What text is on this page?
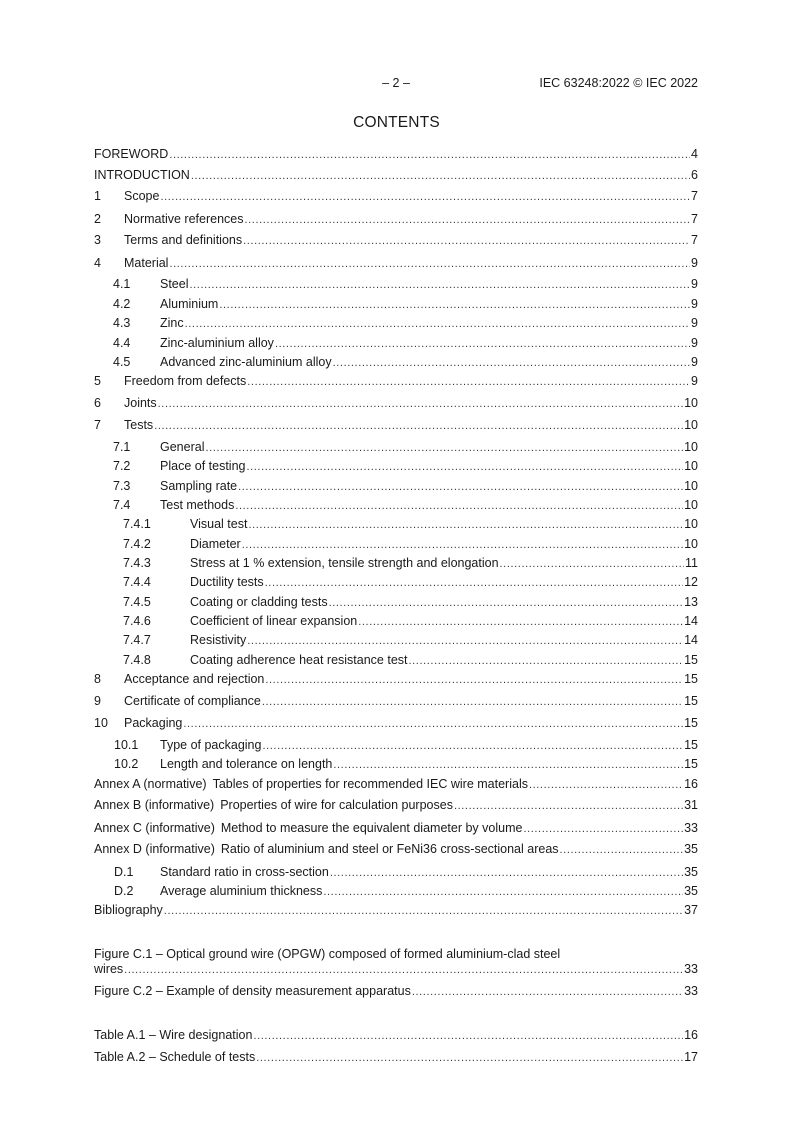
– 2 –	IEC 63248:2022 © IEC 2022
CONTENTS
FOREWORD .....	4
INTRODUCTION .....	6
1	Scope .....	7
2	Normative references .....	7
3	Terms and definitions .....	7
4	Material .....	9
4.1	Steel .....	9
4.2	Aluminium .....	9
4.3	Zinc .....	9
4.4	Zinc-aluminium alloy .....	9
4.5	Advanced zinc-aluminium alloy .....	9
5	Freedom from defects .....	9
6	Joints .....	10
7	Tests .....	10
7.1	General .....	10
7.2	Place of testing .....	10
7.3	Sampling rate .....	10
7.4	Test methods .....	10
7.4.1	Visual test .....	10
7.4.2	Diameter .....	10
7.4.3	Stress at 1 % extension, tensile strength and elongation .....	11
7.4.4	Ductility tests .....	12
7.4.5	Coating or cladding tests .....	13
7.4.6	Coefficient of linear expansion .....	14
7.4.7	Resistivity .....	14
7.4.8	Coating adherence heat resistance test .....	15
8	Acceptance and rejection .....	15
9	Certificate of compliance .....	15
10	Packaging .....	15
10.1	Type of packaging .....	15
10.2	Length and tolerance on length .....	15
Annex A (normative) Tables of properties for recommended IEC wire materials .....	16
Annex B (informative) Properties of wire for calculation purposes .....	31
Annex C (informative) Method to measure the equivalent diameter by volume .....	33
Annex D (informative) Ratio of aluminium and steel or FeNi36 cross-sectional areas .....	35
D.1	Standard ratio in cross-section .....	35
D.2	Average aluminium thickness .....	35
Bibliography .....	37
Figure C.1 – Optical ground wire (OPGW) composed of formed aluminium-clad steel
wires .....	33
Figure C.2 – Example of density measurement apparatus .....	33
Table A.1 – Wire designation .....	16
Table A.2 – Schedule of tests .....	17
